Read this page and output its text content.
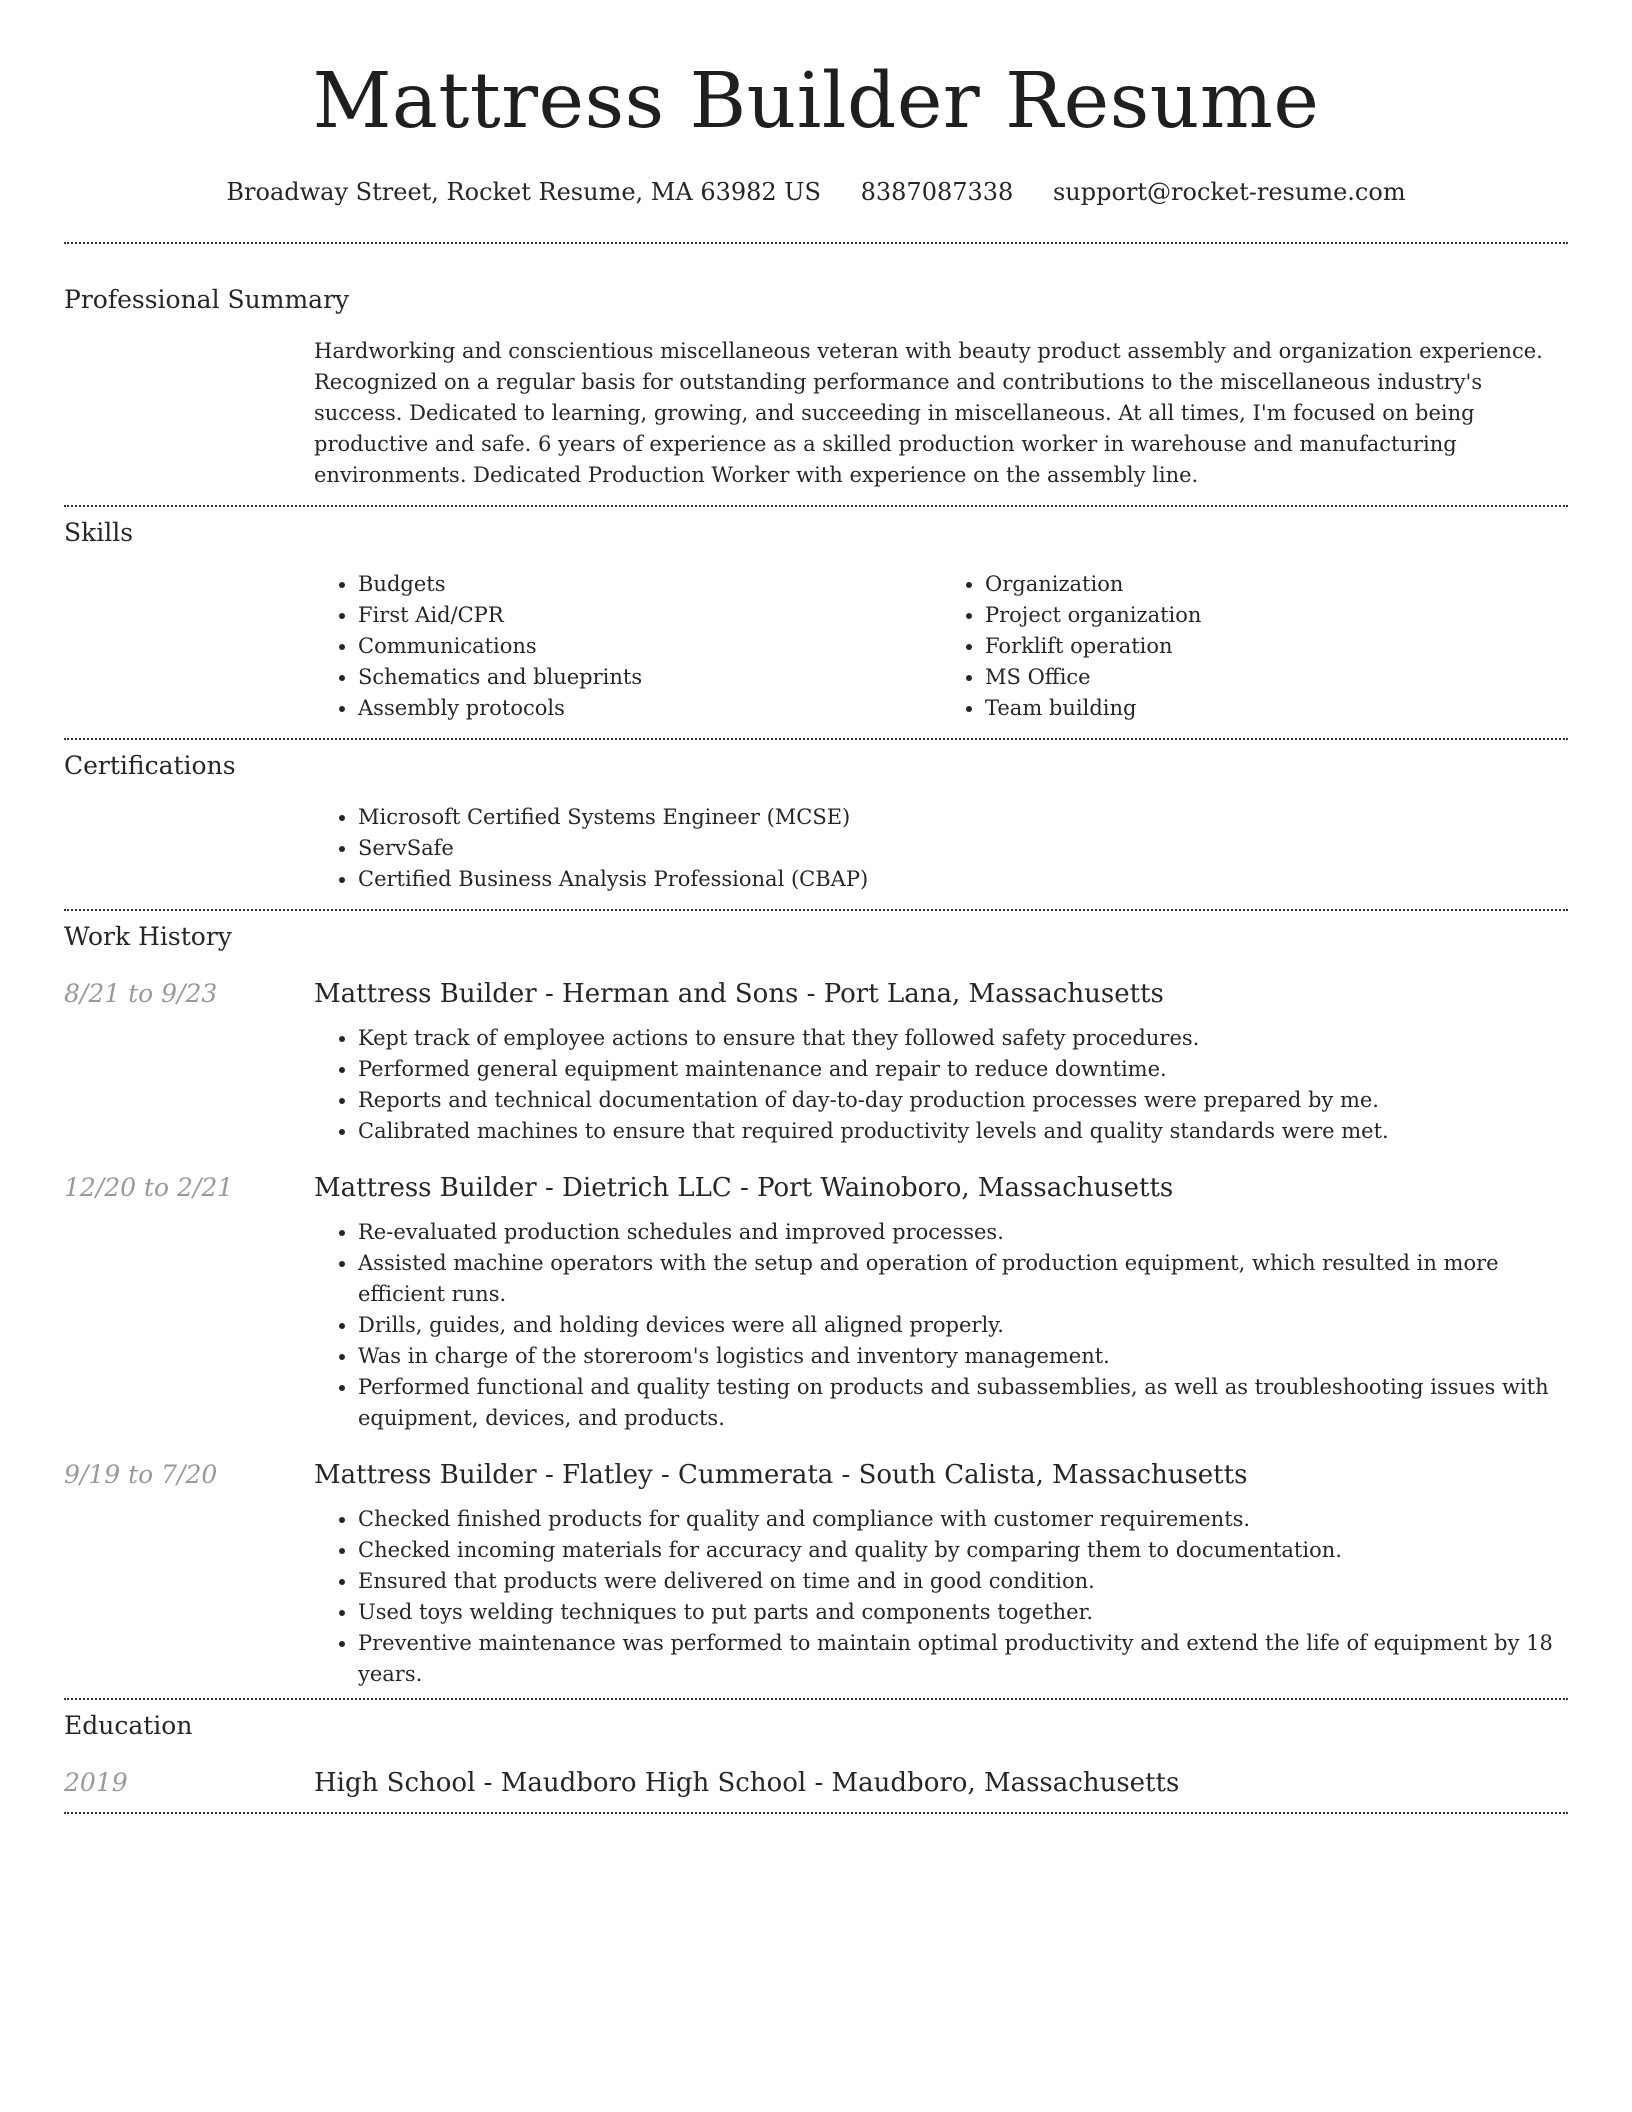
Mattress Builder Resume
Broadway Street, Rocket Resume, MA 63982 US 8387087338 support@rocket-resume.com
Professional Summary
Hardworking and conscientious miscellaneous veteran with beauty product assembly and organization experience. Recognized on a regular basis for outstanding performance and contributions to the miscellaneous industry's success. Dedicated to learning, growing, and succeeding in miscellaneous. At all times, I'm focused on being productive and safe. 6 years of experience as a skilled production worker in warehouse and manufacturing environments. Dedicated Production Worker with experience on the assembly line.
Skills
• Budgets
• First Aid/CPR
• Communications
• Schematics and blueprints
• Assembly protocols
• Organization
• Project organization
• Forklift operation
• MS Office
• Team building
Certifications
• Microsoft Certified Systems Engineer (MCSE)
• ServSafe
• Certified Business Analysis Professional (CBAP)
Work History
8/21 to 9/23	Mattress Builder - Herman and Sons - Port Lana, Massachusetts
• Kept track of employee actions to ensure that they followed safety procedures.
• Performed general equipment maintenance and repair to reduce downtime.
• Reports and technical documentation of day-to-day production processes were prepared by me.
• Calibrated machines to ensure that required productivity levels and quality standards were met.
12/20 to 2/21	Mattress Builder - Dietrich LLC - Port Wainoboro, Massachusetts
• Re-evaluated production schedules and improved processes.
• Assisted machine operators with the setup and operation of production equipment, which resulted in more efficient runs.
• Drills, guides, and holding devices were all aligned properly.
• Was in charge of the storeroom's logistics and inventory management.
• Performed functional and quality testing on products and subassemblies, as well as troubleshooting issues with equipment, devices, and products.
9/19 to 7/20	Mattress Builder - Flatley - Cummerata - South Calista, Massachusetts
• Checked finished products for quality and compliance with customer requirements.
• Checked incoming materials for accuracy and quality by comparing them to documentation.
• Ensured that products were delivered on time and in good condition.
• Used toys welding techniques to put parts and components together.
• Preventive maintenance was performed to maintain optimal productivity and extend the life of equipment by 18 years.
Education
2019	High School - Maudboro High School - Maudboro, Massachusetts
